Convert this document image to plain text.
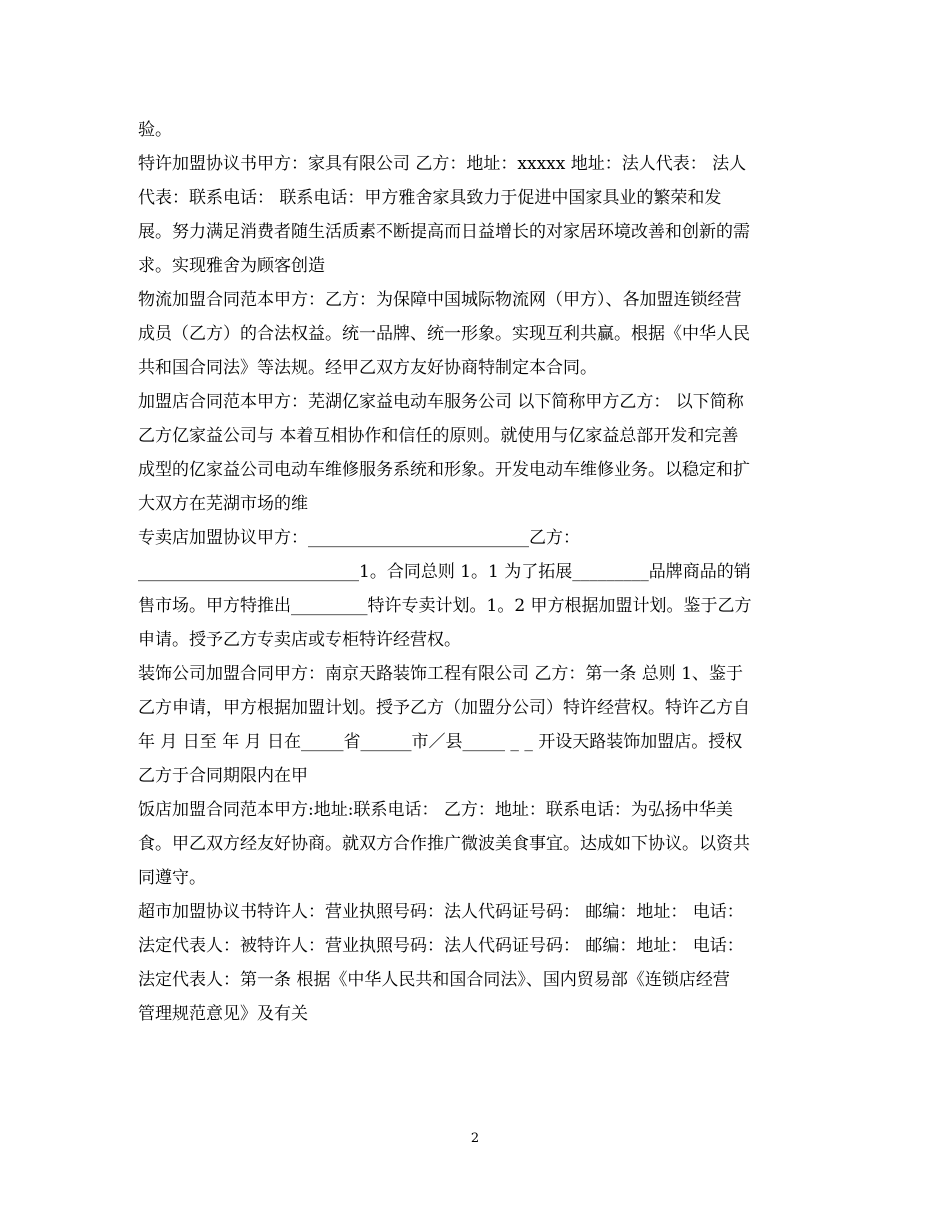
验。
特许加盟协议书甲方：家具有限公司 乙方：地址：xxxxx 地址：法人代表： 法人
代表：联系电话： 联系电话：甲方雅舍家具致力于促进中国家具业的繁荣和发
展。努力满足消费者随生活质素不断提高而日益增长的对家居环境改善和创新的需
求。实现雅舍为顾客创造
物流加盟合同范本甲方：乙方：为保障中国城际物流网（甲方）、各加盟连锁经营
成员（乙方）的合法权益。统一品牌、统一形象。实现互利共赢。根据《中华人民
共和国合同法》等法规。经甲乙双方友好协商特制定本合同。
加盟店合同范本甲方：芜湖亿家益电动车服务公司 以下简称甲方乙方： 以下简称
乙方亿家益公司与 本着互相协作和信任的原则。就使用与亿家益总部开发和完善
成型的亿家益公司电动车维修服务系统和形象。开发电动车维修业务。以稳定和扩
大双方在芜湖市场的维
专卖店加盟协议甲方：__________________________乙方：
__________________________1。合同总则 1。1 为了拓展_________品牌商品的销
售市场。甲方特推出_________特许专卖计划。1。2 甲方根据加盟计划。鉴于乙方
申请。授予乙方专卖店或专柜特许经营权。
装饰公司加盟合同甲方：南京天路装饰工程有限公司 乙方：第一条 总则 1、鉴于
乙方申请，甲方根据加盟计划。授予乙方（加盟分公司）特许经营权。特许乙方自
年 月 日至 年 月 日在_____省______市／县_____ _ _ 开设天路装饰加盟店。授权
乙方于合同期限内在甲
饭店加盟合同范本甲方:地址:联系电话： 乙方：地址：联系电话：为弘扬中华美
食。甲乙双方经友好协商。就双方合作推广微波美食事宜。达成如下协议。以资共
同遵守。
超市加盟协议书特许人：营业执照号码：法人代码证号码： 邮编：地址： 电话：
法定代表人：被特许人：营业执照号码：法人代码证号码： 邮编：地址： 电话：
法定代表人：第一条 根据《中华人民共和国合同法》、国内贸易部《连锁店经营
管理规范意见》及有关
2
